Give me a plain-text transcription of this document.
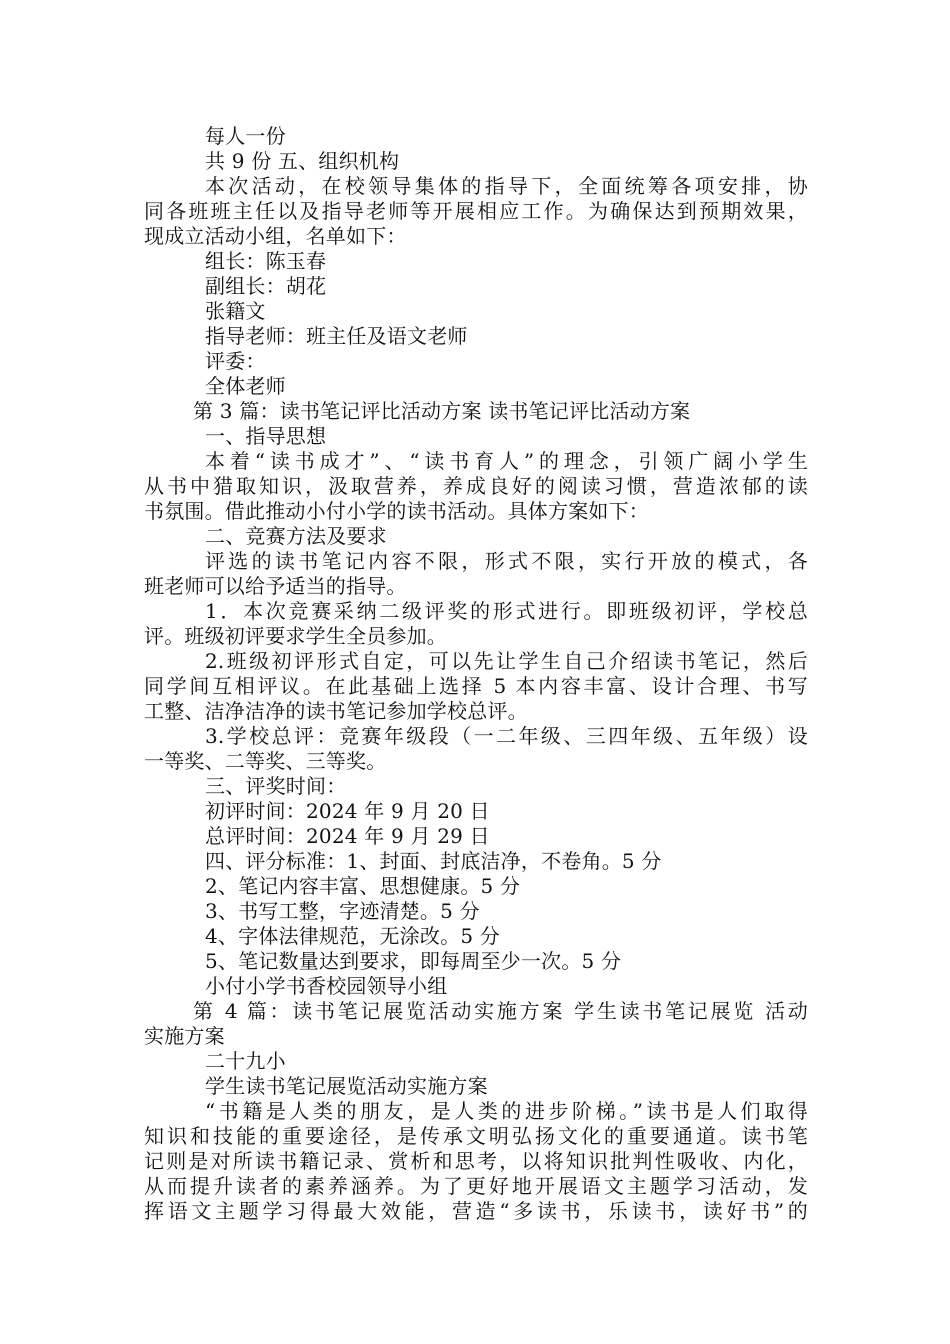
每人一份
共 9 份 五、组织机构
本次活动，在校领导集体的指导下，全面统筹各项安排，协
同各班班主任以及指导老师等开展相应工作。为确保达到预期效果，
现成立活动小组，名单如下：
组长：陈玉春
副组长：胡花
张籍文
指导老师：班主任及语文老师
评委：
全体老师
第 3 篇：读书笔记评比活动方案 读书笔记评比活动方案
一、指导思想
本着“读书成才”、“读书育人”的理念，引领广阔小学生
从书中猎取知识，汲取营养，养成良好的阅读习惯，营造浓郁的读
书氛围。借此推动小付小学的读书活动。具体方案如下：
二、竞赛方法及要求
评选的读书笔记内容不限，形式不限，实行开放的模式，各
班老师可以给予适当的指导。
1．本次竞赛采纳二级评奖的形式进行。即班级初评，学校总
评。班级初评要求学生全员参加。
2.班级初评形式自定，可以先让学生自己介绍读书笔记，然后
同学间互相评议。在此基础上选择 5 本内容丰富、设计合理、书写
工整、洁净洁净的读书笔记参加学校总评。
3.学校总评：竞赛年级段（一二年级、三四年级、五年级）设
一等奖、二等奖、三等奖。
三、评奖时间：
初评时间：2024 年 9 月 20 日
总评时间：2024 年 9 月 29 日
四、评分标准：1、封面、封底洁净，不卷角。5 分
2、笔记内容丰富、思想健康。5 分
3、书写工整，字迹清楚。5 分
4、字体法律规范，无涂改。5 分
5、笔记数量达到要求，即每周至少一次。5 分
小付小学书香校园领导小组
第 4 篇：读书笔记展览活动实施方案 学生读书笔记展览 活动
实施方案
二十九小
学生读书笔记展览活动实施方案
“书籍是人类的朋友，是人类的进步阶梯。”读书是人们取得
知识和技能的重要途径，是传承文明弘扬文化的重要通道。读书笔
记则是对所读书籍记录、赏析和思考，以将知识批判性吸收、内化，
从而提升读者的素养涵养。为了更好地开展语文主题学习活动，发
挥语文主题学习得最大效能，营造“多读书，乐读书，读好书”的
